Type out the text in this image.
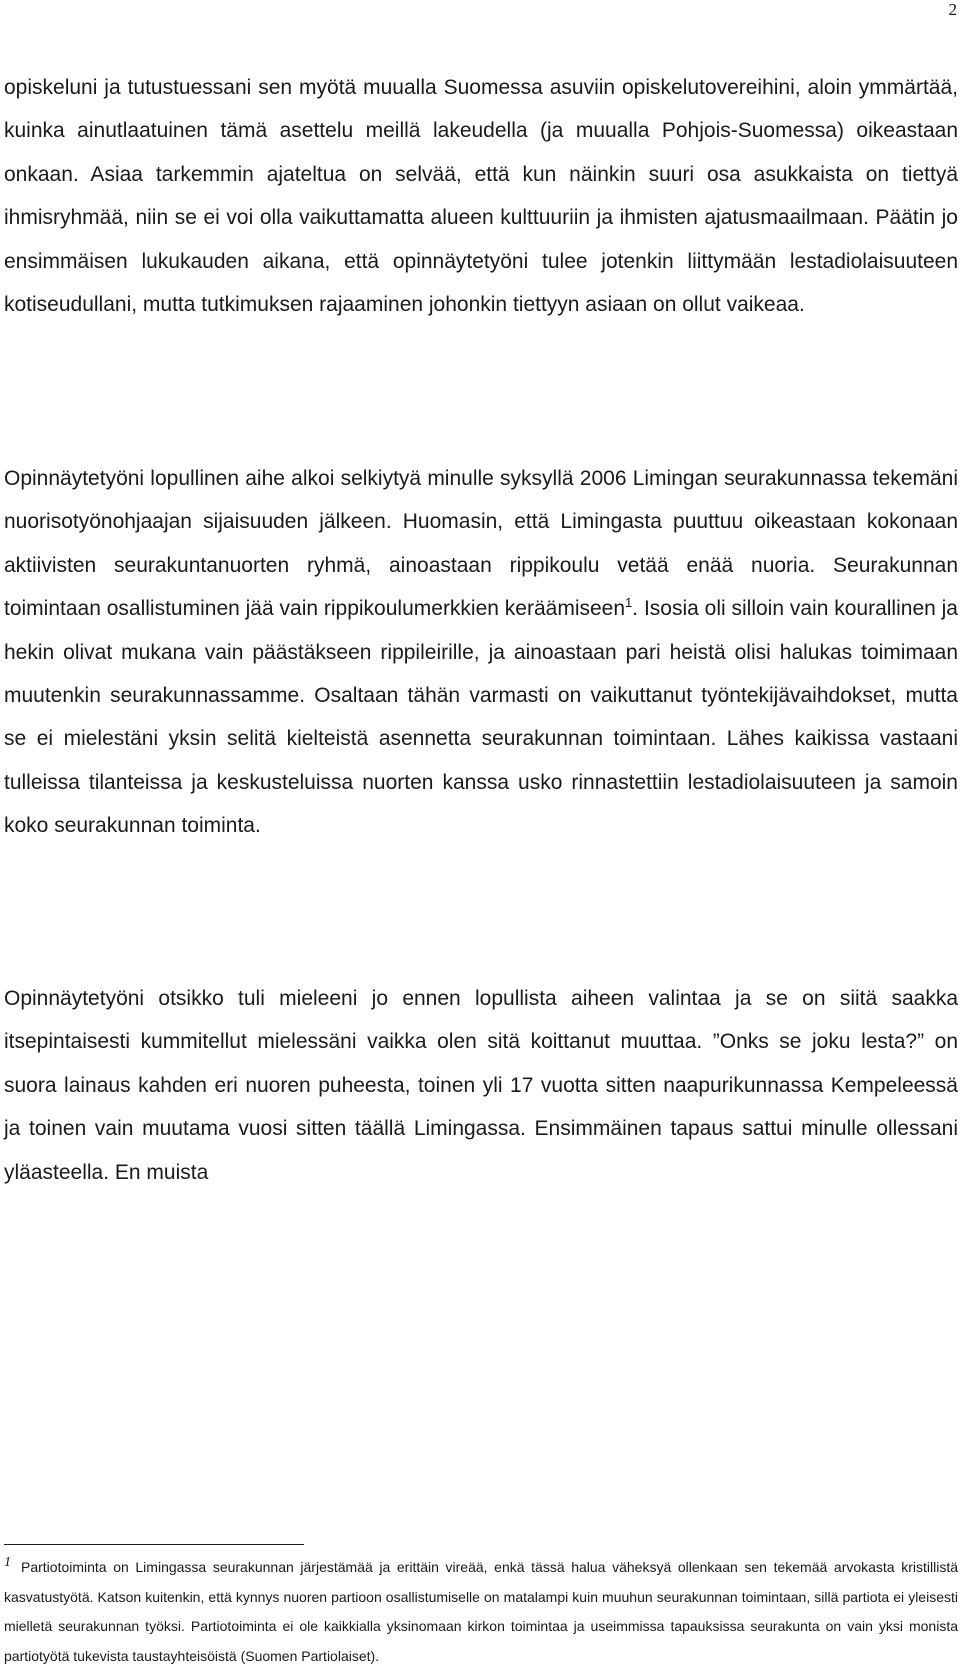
2

opiskeluni ja tutustuessani sen myötä muualla Suomessa asuviin opiskelutovereihini, aloin ymmärtää, kuinka ainutlaatuinen tämä asettelu meillä lakeudella (ja muualla Pohjois-Suomessa) oikeastaan onkaan. Asiaa tarkemmin ajateltua on selvää, että kun näinkin suuri osa asukkaista on tiettyä ihmisryhmää, niin se ei voi olla vaikuttamatta alueen kulttuuriin ja ihmisten ajatusmaailmaan. Päätin jo ensimmäisen lukukauden aikana, että opinnäytetyöni tulee jotenkin liittymään lestadiolaisuuteen kotiseudullani, mutta tutkimuksen rajaaminen johonkin tiettyyn asiaan on ollut vaikeaa.

Opinnäytetyöni lopullinen aihe alkoi selkiytyä minulle syksyllä 2006 Limingan seurakunnassa tekemäni nuorisotyönohjaajan sijaisuuden jälkeen. Huomasin, että Limingasta puuttuu oikeastaan kokonaan aktiivisten seurakuntanuorten ryhmä, ainoastaan rippikoulu vetää enää nuoria. Seurakunnan toimintaan osallistuminen jää vain rippikoulumerkkien keräämiseen$^1$. Isosia oli silloin vain kourallinen ja hekin olivat mukana vain päästäkseen rippileirille, ja ainoastaan pari heistä olisi halukas toimimaan muutenkin seurakunnassamme. Osaltaan tähän varmasti on vaikuttanut työntekijävaihdokset, mutta se ei mielestäni yksin selitä kielteistä asennetta seurakunnan toimintaan. Lähes kaikissa vastaani tulleissa tilanteissa ja keskusteluissa nuorten kanssa usko rinnastettiin lestadiolaisuuteen ja samoin koko seurakunnan toiminta.

Opinnäytetyöni otsikko tuli mieleeni jo ennen lopullista aiheen valintaa ja se on siitä saakka itsepintaisesti kummitellut mielessäni vaikka olen sitä koittanut muuttaa. ”Onks se joku lesta?” on suora lainaus kahden eri nuoren puheesta, toinen yli 17 vuotta sitten naapurikunnassa Kempeleessä ja toinen vain muutama vuosi sitten täällä Limingassa. Ensimmäinen tapaus sattui minulle ollessani yläasteella. En muista

1 Partiotoiminta on Limingassa seurakunnan järjestämää ja erittäin vireää, enkä tässä halua väheksyä ollenkaan sen tekemää arvokasta kristillistä kasvatustyötä. Katson kuitenkin, että kynnys nuoren partioon osallistumiselle on matalampi kuin muuhun seurakunnan toimintaan, sillä partiota ei yleisesti mielletä seurakunnan työksi. Partiotoiminta ei ole kaikkialla yksinomaan kirkon toimintaa ja useimmissa tapauksissa seurakunta on vain yksi monista partiotyötä tukevista taustayhteisöistä (Suomen Partiolaiset).
